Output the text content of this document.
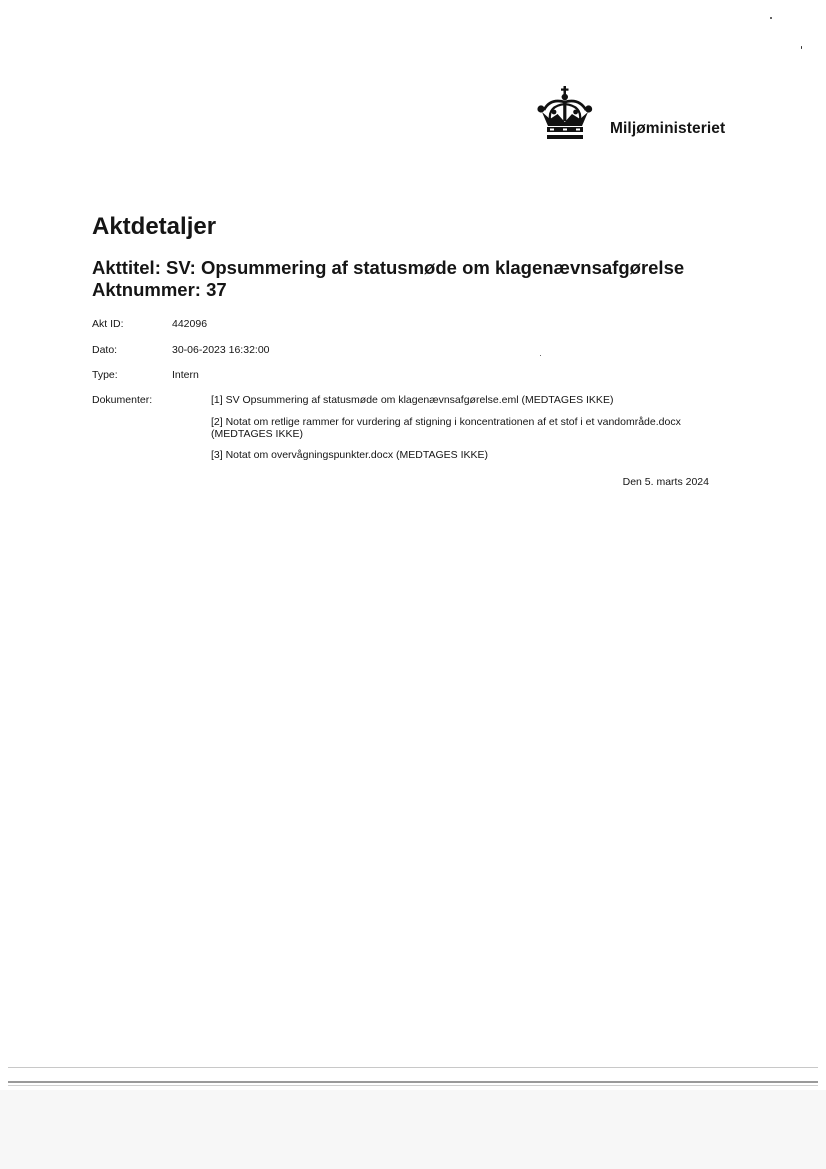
Miljøministeriet
Aktdetaljer
Akttitel: SV: Opsummering af statusmøde om klagenævnsafgørelse
Aktnummer: 37
Akt ID:	442096
Dato:	30-06-2023 16:32:00
Type:	Intern
Dokumenter:	[1] SV Opsummering af statusmøde om klagenævnsafgørelse.eml (MEDTAGES IKKE)
[2] Notat om retlige rammer for vurdering af stigning i koncentrationen af et stof i et vandområde.docx (MEDTAGES IKKE)
[3] Notat om overvågningspunkter.docx (MEDTAGES IKKE)
Den 5. marts 2024
